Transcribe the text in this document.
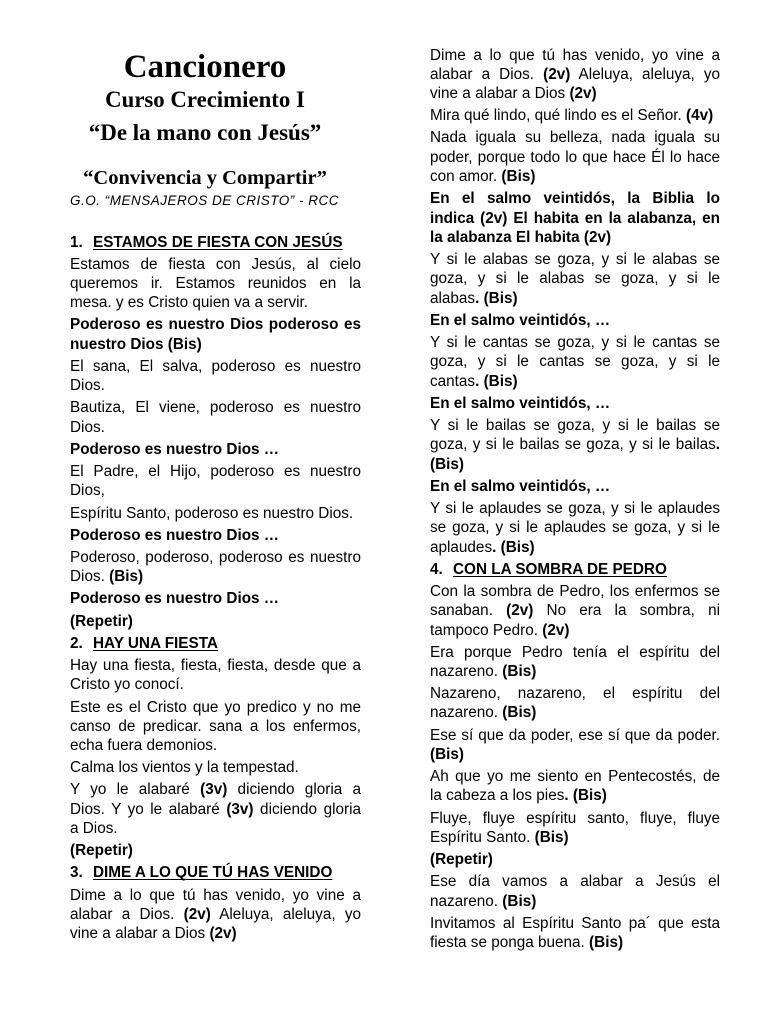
Cancionero
Curso Crecimiento I
“De la mano con Jesús”
“Convivencia y Compartir”
G.O. “MENSAJEROS DE CRISTO” - RCC
1. ESTAMOS DE FIESTA CON JESÚS
Estamos de fiesta con Jesús, al cielo
queremos ir. Estamos reunidos en la
mesa. y es Cristo quien va a servir.
Poderoso es nuestro Dios poderoso es
nuestro Dios (Bis)
El sana, El salva, poderoso es nuestro
Dios.
Bautiza, El viene, poderoso es nuestro
Dios.
Poderoso es nuestro Dios …
El Padre, el Hijo, poderoso es nuestro
Dios,
Espíritu Santo, poderoso es nuestro Dios.
Poderoso es nuestro Dios …
Poderoso, poderoso, poderoso es nuestro
Dios. (Bis)
Poderoso es nuestro Dios …
(Repetir)
2. HAY UNA FIESTA
Hay una fiesta, fiesta, fiesta, desde que a
Cristo yo conocí.
Este es el Cristo que yo predico y no me
canso de predicar. sana a los enfermos,
echa fuera demonios.
Calma los vientos y la tempestad.
Y yo le alabaré (3v) diciendo gloria a
Dios. Y yo le alabaré (3v) diciendo gloria
a Dios.
(Repetir)
3. DIME A LO QUE TÚ HAS VENIDO
Dime a lo que tú has venido, yo vine a
alabar a Dios. (2v) Aleluya, aleluya, yo
vine a alabar a Dios (2v)
Dime a lo que tú has venido, yo vine a
alabar a Dios. (2v) Aleluya, aleluya, yo
vine a alabar a Dios (2v)
Mira qué lindo, qué lindo es el Señor. (4v)
Nada iguala su belleza, nada iguala su
poder, porque todo lo que hace Él lo hace
con amor. (Bis)
En el salmo veintidós, la Biblia lo
indica (2v) El habita en la alabanza, en
la alabanza El habita (2v)
Y si le alabas se goza, y si le alabas se
goza, y si le alabas se goza, y si le
alabas. (Bis)
En el salmo veintidós, …
Y si le cantas se goza, y si le cantas se
goza, y si le cantas se goza, y si le
cantas. (Bis)
En el salmo veintidós, …
Y si le bailas se goza, y si le bailas se
goza, y si le bailas se goza, y si le bailas.
(Bis)
En el salmo veintidós, …
Y si le aplaudes se goza, y si le aplaudes
se goza, y si le aplaudes se goza, y si le
aplaudes. (Bis)
4. CON LA SOMBRA DE PEDRO
Con la sombra de Pedro, los enfermos se
sanaban. (2v) No era la sombra, ni
tampoco Pedro. (2v)
Era porque Pedro tenía el espíritu del
nazareno. (Bis)
Nazareno, nazareno, el espíritu del
nazareno. (Bis)
Ese sí que da poder, ese sí que da poder.
(Bis)
Ah que yo me siento en Pentecostés, de
la cabeza a los pies. (Bis)
Fluye, fluye espíritu santo, fluye, fluye
Espíritu Santo. (Bis)
(Repetir)
Ese día vamos a alabar a Jesús el
nazareno. (Bis)
Invitamos al Espíritu Santo pa´ que esta
fiesta se ponga buena. (Bis)
